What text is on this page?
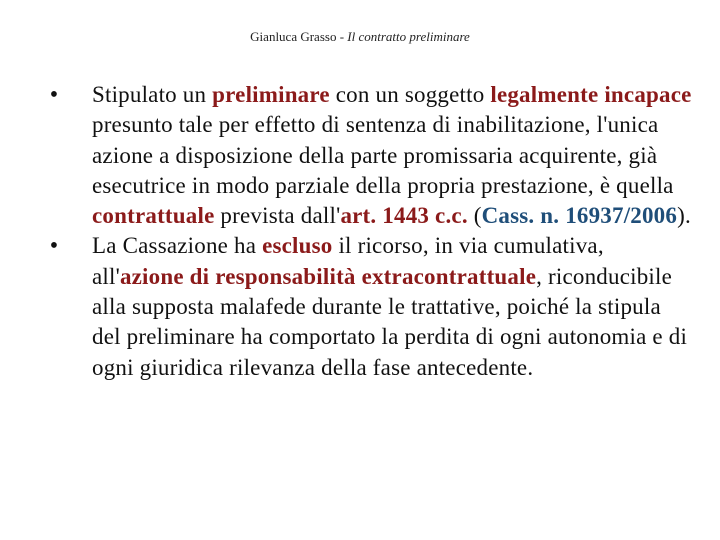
Gianluca Grasso - Il contratto preliminare
• Stipulato un preliminare con un soggetto legalmente incapace presunto tale per effetto di sentenza di inabilitazione, l'unica azione a disposizione della parte promissaria acquirente, già esecutrice in modo parziale della propria prestazione, è quella contrattuale prevista dall'art. 1443 c.c. (Cass. n. 16937/2006).
• La Cassazione ha escluso il ricorso, in via cumulativa, all'azione di responsabilità extracontrattuale, riconducibile alla supposta malafede durante le trattative, poiché la stipula del preliminare ha comportato la perdita di ogni autonomia e di ogni giuridica rilevanza della fase antecedente.
